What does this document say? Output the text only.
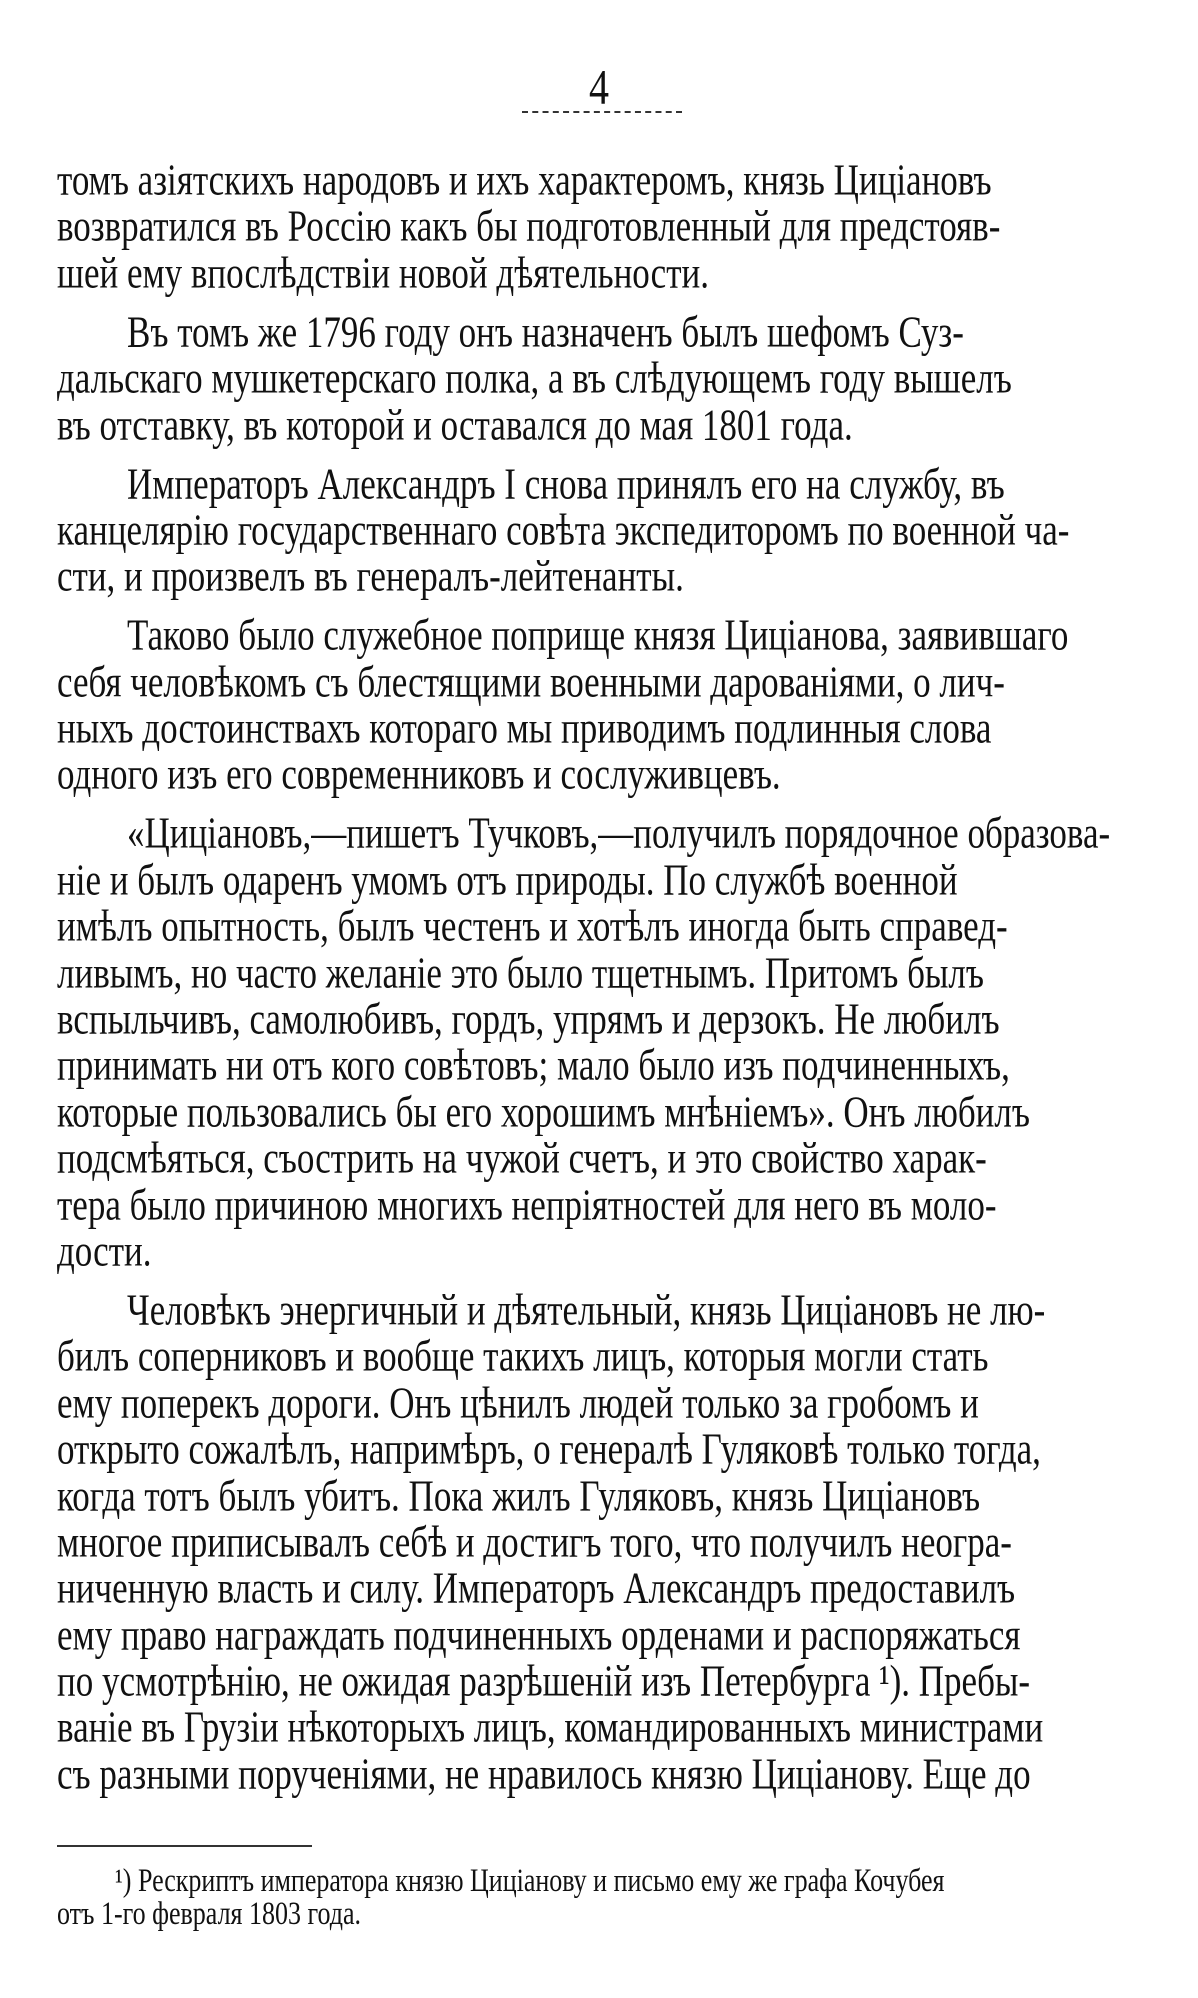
4
томъ азіятскихъ народовъ и ихъ характеромъ, князь Цицiановъ
возвратился въ Россію какъ бы подготовленный для предстояв-
шей ему впослѣдствіи новой дѣятельности.
Въ томъ же 1796 году онъ назначенъ былъ шефомъ Суз-
дальскаго мушкетерскаго полка, а въ слѣдующемъ году вышелъ
въ отставку, въ которой и оставался до мая 1801 года.
Императоръ Александръ I снова принялъ его на службу, въ
канцелярію государственнаго совѣта экспедиторомъ по военной ча-
сти, и произвелъ въ генералъ-лейтенанты.
Таково было служебное поприще князя Цицiанова, заявившаго
себя человѣкомъ съ блестящими военными дарованіями, о лич-
ныхъ достоинствахъ котораго мы приводимъ подлинныя слова
одного изъ его современниковъ и сослуживцевъ.
«Цицiановъ,—пишетъ Тучковъ,—получилъ порядочное образова-
ніе и былъ одаренъ умомъ отъ природы. По службѣ военной
имѣлъ опытность, былъ честенъ и хотѣлъ иногда быть справед-
ливымъ, но часто желаніе это было тщетнымъ. Притомъ былъ
вспыльчивъ, самолюбивъ, гордъ, упрямъ и дерзокъ. Не любилъ
принимать ни отъ кого совѣтовъ; мало было изъ подчиненныхъ,
которые пользовались бы его хорошимъ мнѣніемъ». Онъ любилъ
подсмѣяться, съострить на чужой счетъ, и это свойство харак-
тера было причиною многихъ непріятностей для него въ моло-
дости.
Человѣкъ энергичный и дѣятельный, князь Цицiановъ не лю-
билъ соперниковъ и вообще такихъ лицъ, которыя могли стать
ему поперекъ дороги. Онъ цѣнилъ людей только за гробомъ и
открыто сожалѣлъ, напримѣръ, о генералѣ Гуляковѣ только тогда,
когда тотъ былъ убитъ. Пока жилъ Гуляковъ, князь Цицiановъ
многое приписывалъ себѣ и достигъ того, что получилъ неогра-
ниченную власть и силу. Императоръ Александръ предоставилъ
ему право награждать подчиненныхъ орденами и распоряжаться
по усмотрѣнію, не ожидая разрѣшеній изъ Петербурга ¹). Пребы-
ваніе въ Грузіи нѣкоторыхъ лицъ, командированныхъ министрами
съ разными порученіями, не нравилось князю Цицiанову. Еще до
¹) Рескриптъ императора князю Цицiанову и письмо ему же графа Кочубея
отъ 1-го февраля 1803 года.
